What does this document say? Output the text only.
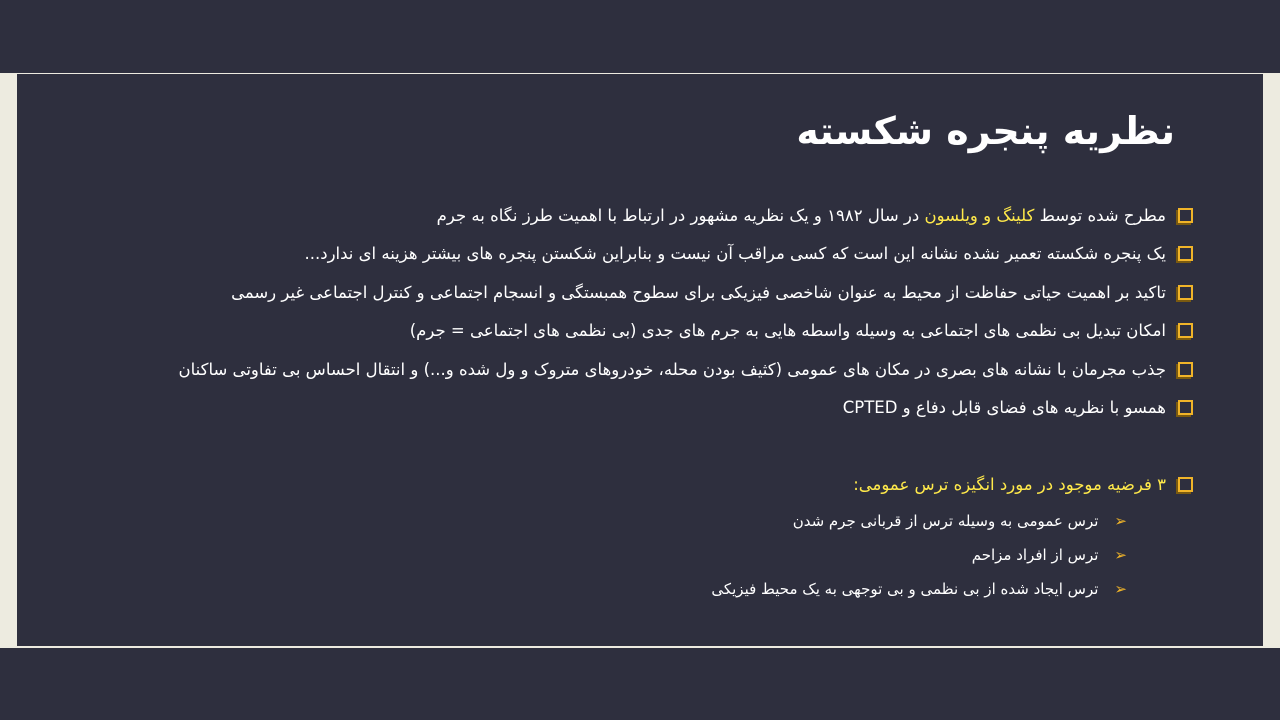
نظریه پنجره شکسته
مطرح شده توسط کلینگ و ویلسون در سال ۱۹۸۲ و یک نظریه مشهور در ارتباط با اهمیت طرز نگاه به جرم
یک پنجره شکسته تعمیر نشده نشانه این است که کسی مراقب آن نیست و بنابراین شکستن پنجره های بیشتر هزینه ای ندارد...
تاکید بر اهمیت حیاتی حفاظت از محیط به عنوان شاخصی فیزیکی برای سطوح همبستگی و انسجام اجتماعی و کنترل اجتماعی غیر رسمی
امکان تبدیل بی نظمی های اجتماعی به وسیله واسطه هایی به جرم های جدی (بی نظمی های اجتماعی = جرم)
جذب مجرمان با نشانه های بصری در مکان های عمومی (کثیف بودن محله، خودروهای متروک و ول شده و...) و انتقال احساس بی تفاوتی ساکنان
همسو با نظریه های فضای قابل دفاع و CPTED
۳ فرضیه موجود در مورد انگیزه ترس عمومی:
➢
ترس عمومی به وسیله ترس از قربانی جرم شدن
➢
ترس از افراد مزاحم
➢
ترس ایجاد شده از بی نظمی و بی توجهی به یک محیط فیزیکی
